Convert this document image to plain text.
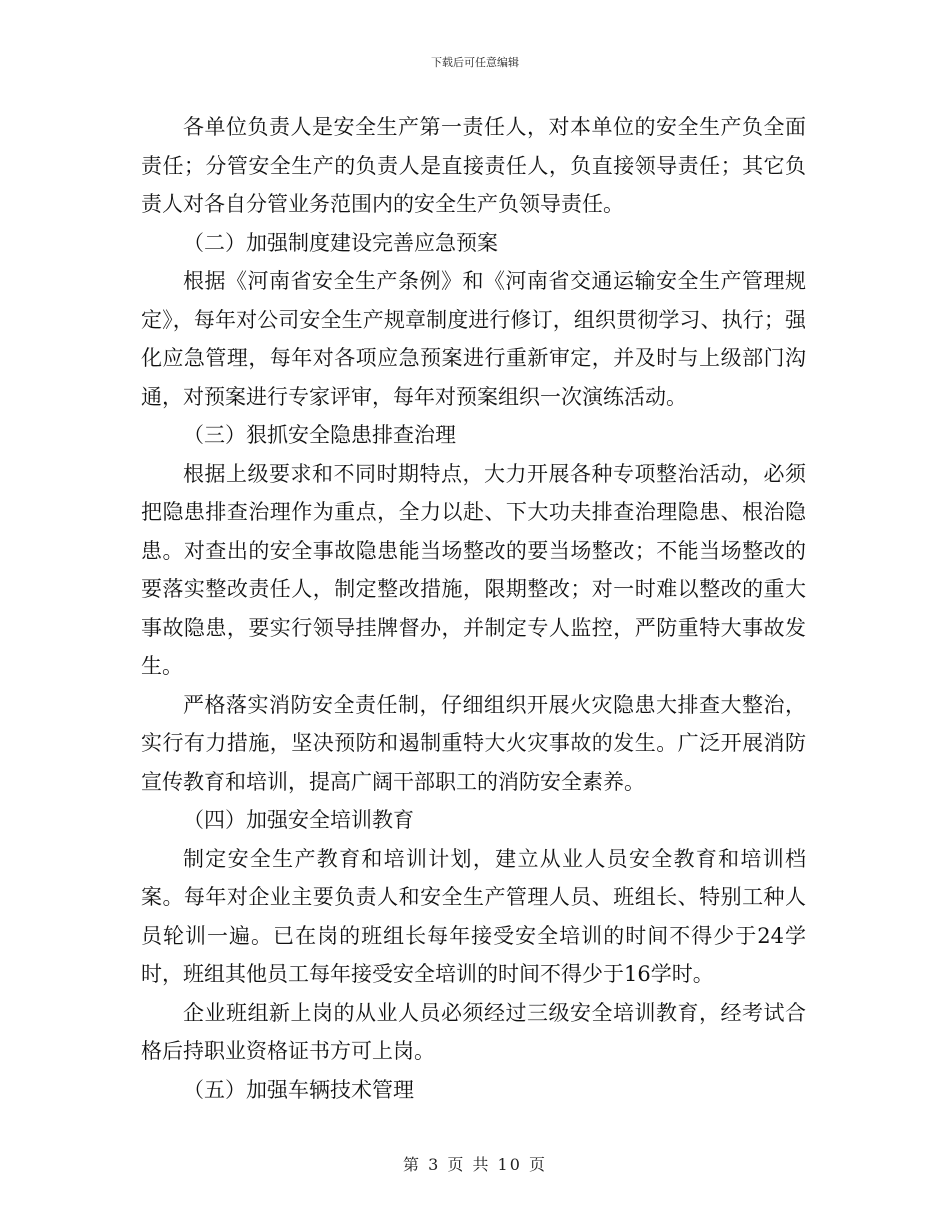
下载后可任意编辑

各单位负责人是安全生产第一责任人，对本单位的安全生产负全面责任；分管安全生产的负责人是直接责任人，负直接领导责任；其它负责人对各自分管业务范围内的安全生产负领导责任。

（二）加强制度建设完善应急预案

根据《河南省安全生产条例》和《河南省交通运输安全生产管理规定》，每年对公司安全生产规章制度进行修订，组织贯彻学习、执行；强化应急管理，每年对各项应急预案进行重新审定，并及时与上级部门沟通，对预案进行专家评审，每年对预案组织一次演练活动。

（三）狠抓安全隐患排查治理

根据上级要求和不同时期特点，大力开展各种专项整治活动，必须把隐患排查治理作为重点，全力以赴、下大功夫排查治理隐患、根治隐患。对查出的安全事故隐患能当场整改的要当场整改；不能当场整改的要落实整改责任人，制定整改措施，限期整改；对一时难以整改的重大事故隐患，要实行领导挂牌督办，并制定专人监控，严防重特大事故发生。

严格落实消防安全责任制，仔细组织开展火灾隐患大排查大整治，实行有力措施，坚决预防和遏制重特大火灾事故的发生。广泛开展消防宣传教育和培训，提高广阔干部职工的消防安全素养。

（四）加强安全培训教育

制定安全生产教育和培训计划，建立从业人员安全教育和培训档案。每年对企业主要负责人和安全生产管理人员、班组长、特别工种人员轮训一遍。已在岗的班组长每年接受安全培训的时间不得少于24学时，班组其他员工每年接受安全培训的时间不得少于16学时。

企业班组新上岗的从业人员必须经过三级安全培训教育，经考试合格后持职业资格证书方可上岗。

（五）加强车辆技术管理

第 3 页 共 10 页
